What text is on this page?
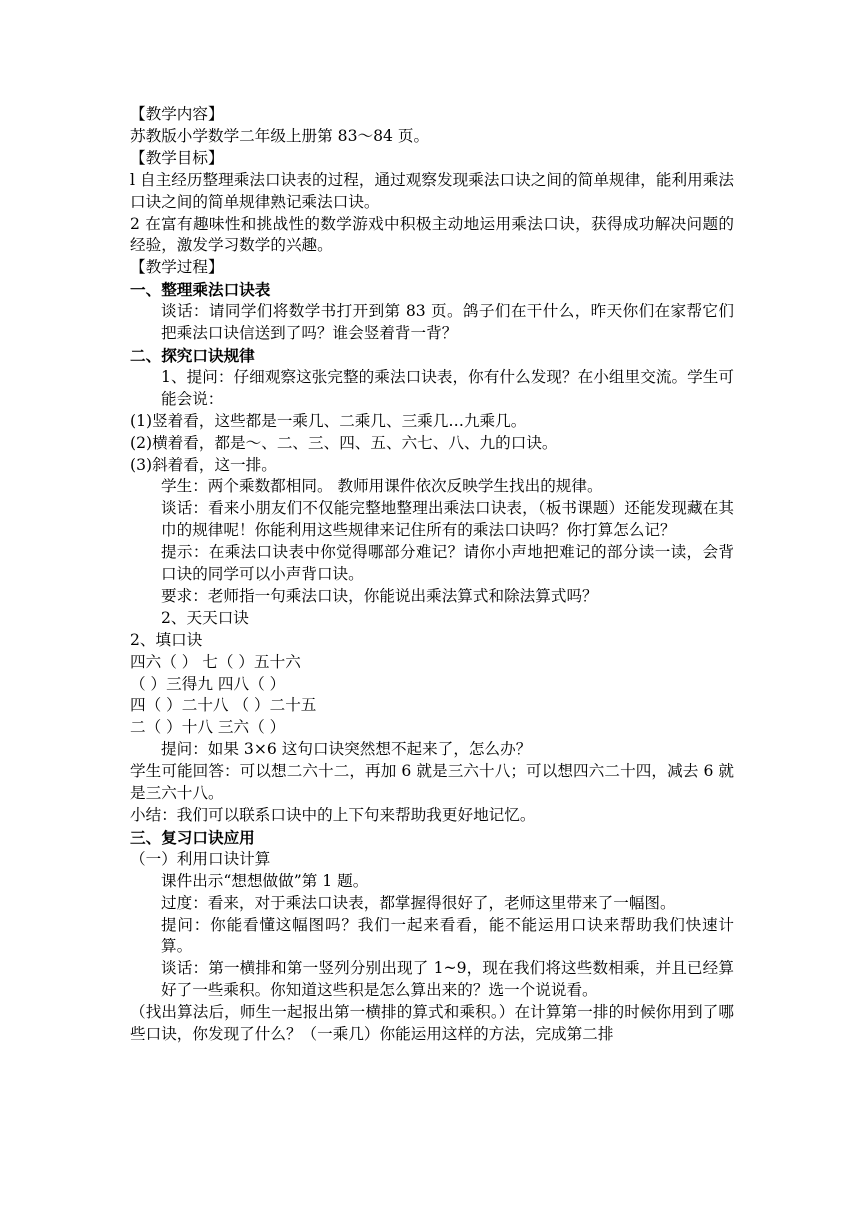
【教学内容】
苏教版小学数学二年级上册第 83～84 页。
【教学目标】
l 自主经历整理乘法口诀表的过程，通过观察发现乘法口诀之间的简单规律，能利用乘法口诀之间的简单规律熟记乘法口诀。
2 在富有趣味性和挑战性的数学游戏中积极主动地运用乘法口诀，获得成功解决问题的经验，激发学习数学的兴趣。
【教学过程】
一、整理乘法口诀表
谈话：请同学们将数学书打开到第 83 页。鸽子们在干什么，昨天你们在家帮它们把乘法口诀信送到了吗？谁会竖着背一背？
二、探究口诀规律
1、提问：仔细观察这张完整的乘法口诀表，你有什么发现？在小组里交流。学生可能会说：
(1)竖着看，这些都是一乘几、二乘几、三乘几…九乘几。
(2)横着看，都是～、二、三、四、五、六七、八、九的口诀。
(3)斜着看，这一排。
学生：两个乘数都相同。 教师用课件依次反映学生找出的规律。
谈话：看来小朋友们不仅能完整地整理出乘法口诀表，（板书课题）还能发现藏在其巾的规律呢！你能利用这些规律来记住所有的乘法口诀吗？你打算怎么记？
提示：在乘法口诀表中你觉得哪部分难记？请你小声地把难记的部分读一读，会背口诀的同学可以小声背口诀。
要求：老师指一句乘法口诀，你能说出乘法算式和除法算式吗？
2、天天口诀
2、填口诀
四六（ ） 七（ ）五十六
（ ）三得九 四八（ ）
四（ ）二十八 （ ）二十五
二（ ）十八 三六（ ）
提问：如果 3×6 这句口诀突然想不起来了，怎么办？
学生可能回答：可以想二六十二，再加 6 就是三六十八；可以想四六二十四，减去 6 就是三六十八。
小结：我们可以联系口诀中的上下句来帮助我更好地记忆。
三、复习口诀应用
（一）利用口诀计算
课件出示“想想做做”第 1 题。
过度：看来，对于乘法口诀表，都掌握得很好了，老师这里带来了一幅图。
提问：你能看懂这幅图吗？我们一起来看看，能不能运用口诀来帮助我们快速计算。
谈话：第一横排和第一竖列分别出现了 1~9，现在我们将这些数相乘，并且已经算好了一些乘积。你知道这些积是怎么算出来的？选一个说说看。
（找出算法后，师生一起报出第一横排的算式和乘积。）在计算第一排的时候你用到了哪些口诀，你发现了什么？（一乘几）你能运用这样的方法，完成第二排
